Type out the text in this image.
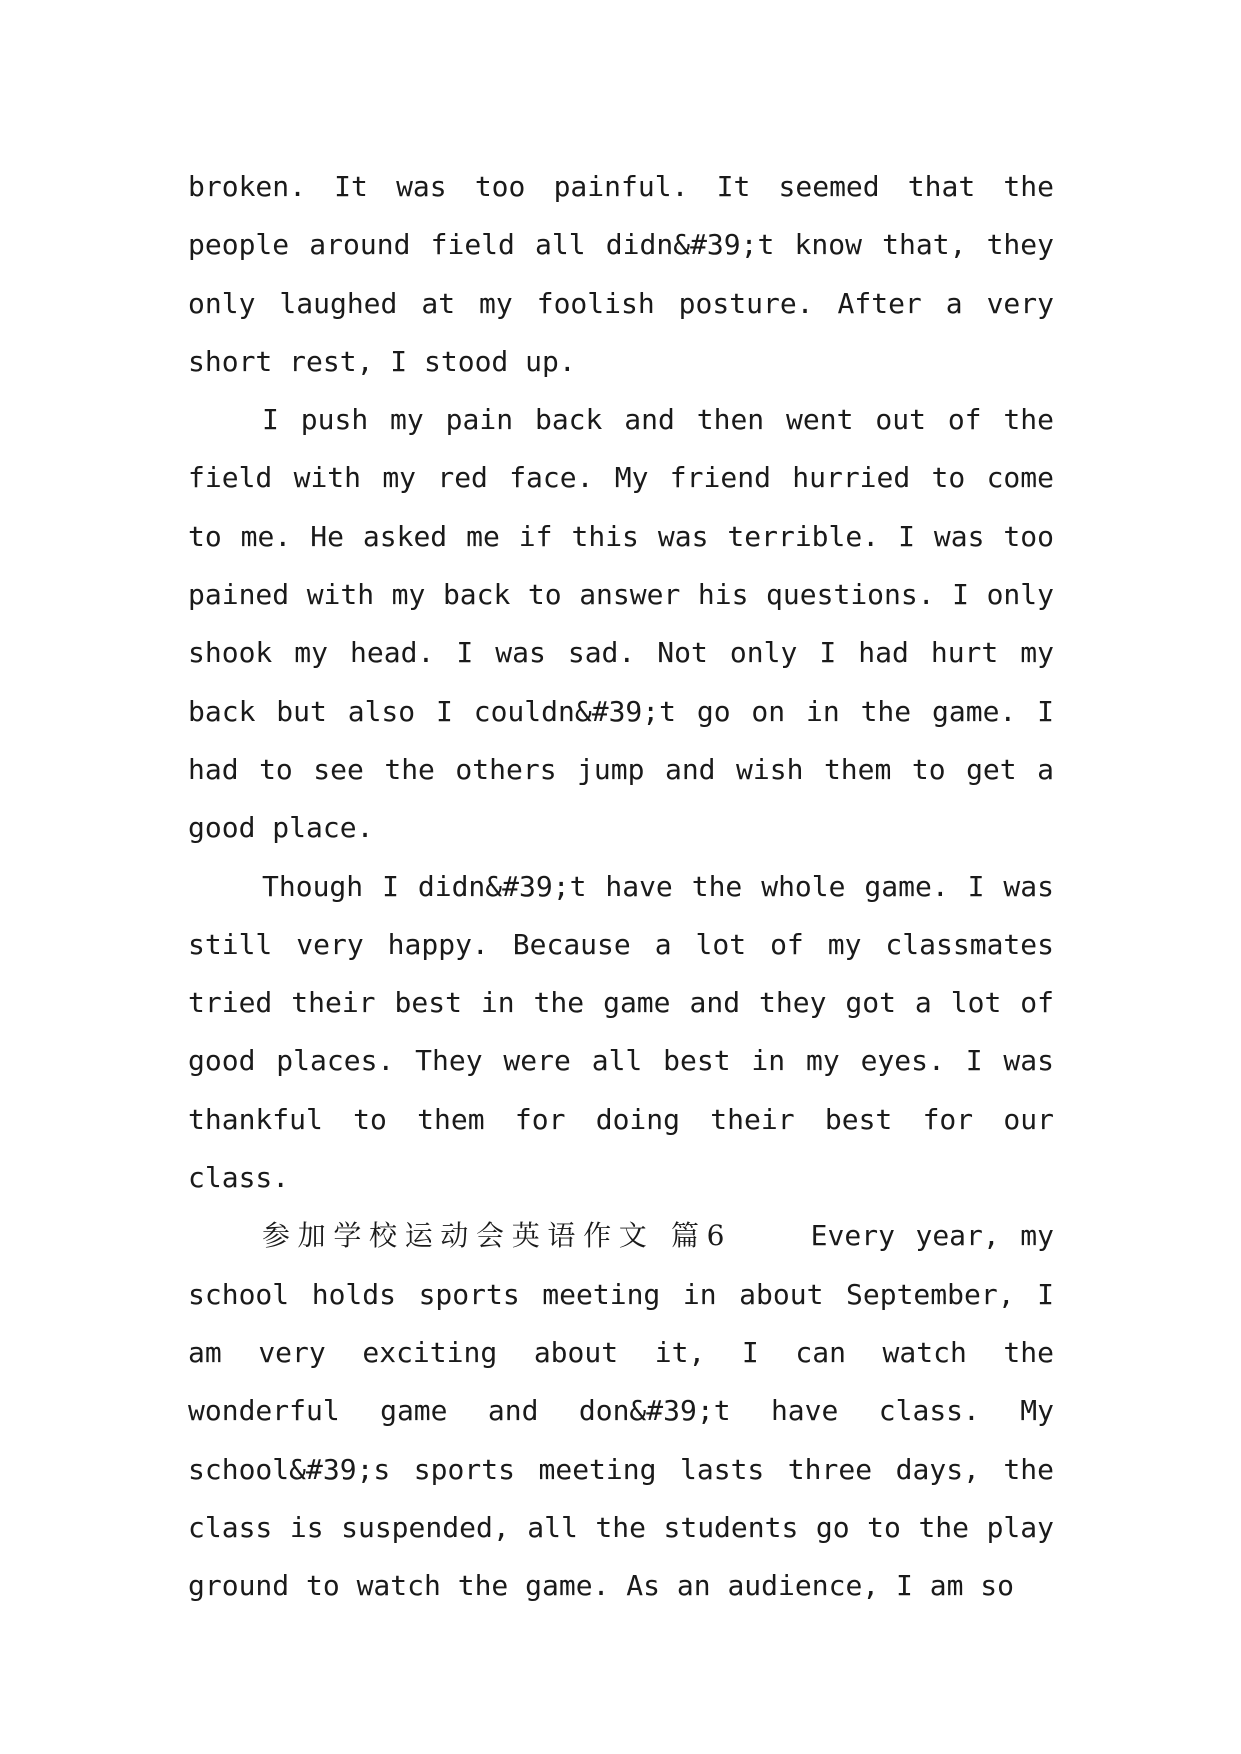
broken. It was too painful. It seemed that the people around field all didn&#39;t know that, they only laughed at my foolish posture. After a very short rest, I stood up.

I push my pain back and then went out of the field with my red face. My friend hurried to come to me. He asked me if this was terrible. I was too pained with my back to answer his questions. I only shook my head. I was sad. Not only I had hurt my back but also I couldn&#39;t go on in the game. I had to see the others jump and wish them to get a good place.

Though I didn&#39;t have the whole game. I was still very happy. Because a lot of my classmates tried their best in the game and they got a lot of good places. They were all best in my eyes. I was thankful to them for doing their best for our class.

参加学校运动会英语作文 篇6	Every year, my school holds sports meeting in about September, I am very exciting about it, I can watch the wonderful game and don&#39;t have class. My school&#39;s sports meeting lasts three days, the class is suspended, all the students go to the play ground to watch the game. As an audience, I am so
